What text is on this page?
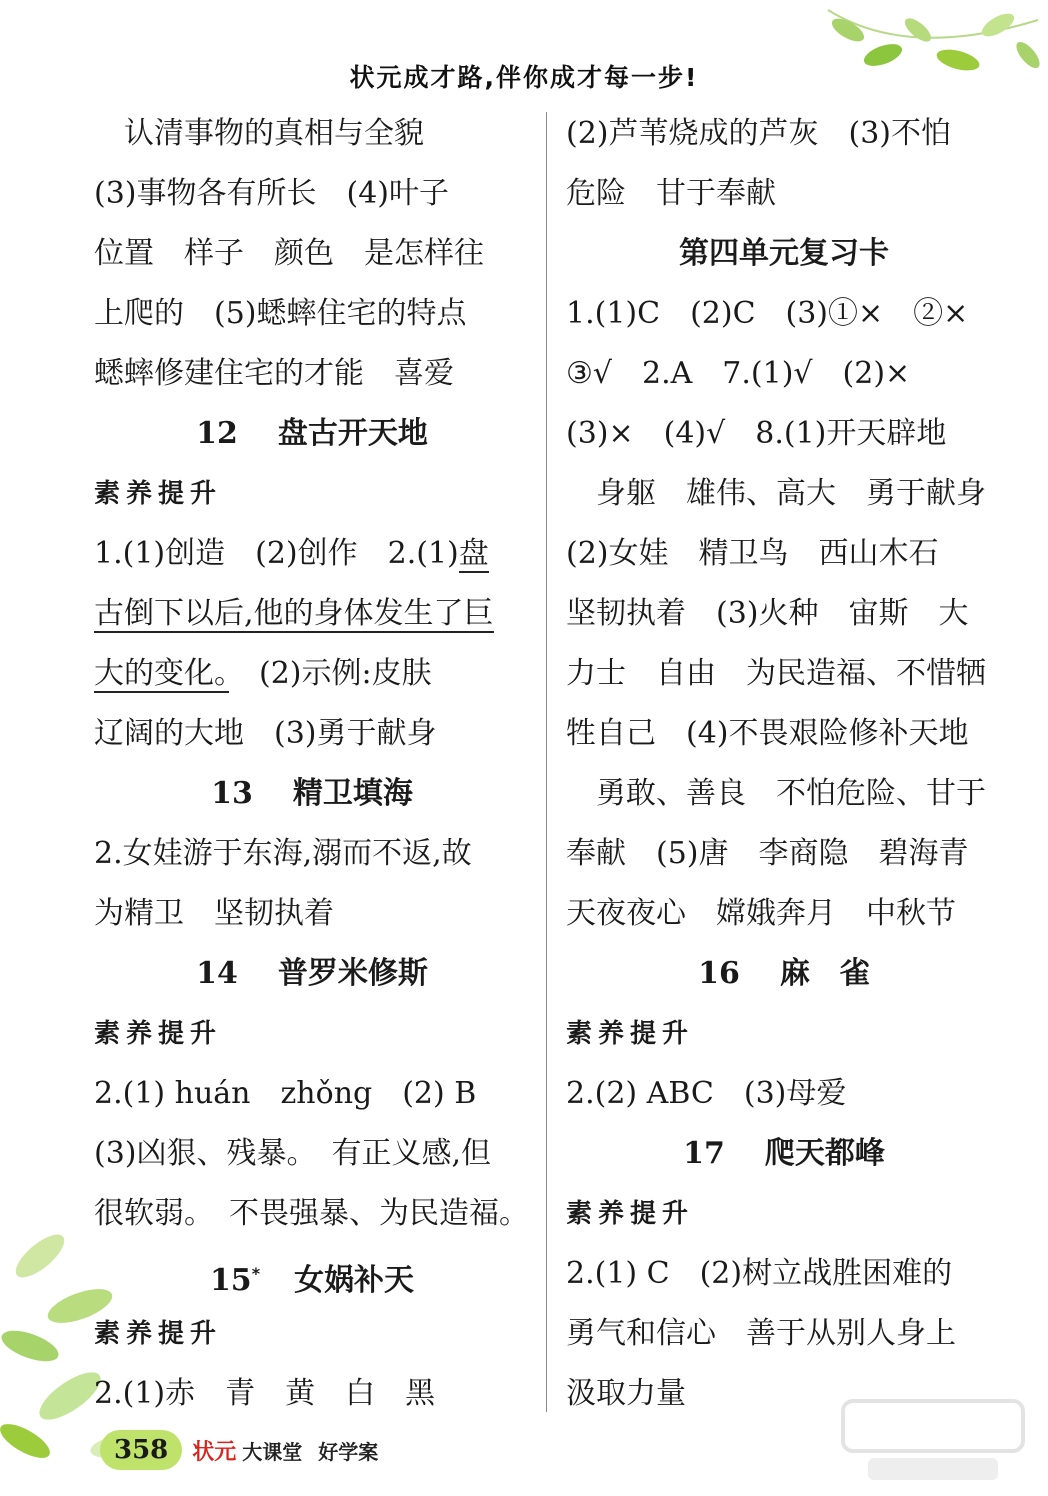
状元成才路,伴你成才每一步!
认清事物的真相与全貌
(3)事物各有所长　(4)叶子
位置　样子　颜色　是怎样往
上爬的　(5)蟋蟀住宅的特点
蟋蟀修建住宅的才能　喜爱
12 盘古开天地
素养提升
1.(1)创造　(2)创作　2.(1)盘
古倒下以后,他的身体发生了巨
大的变化。　(2)示例:皮肤
辽阔的大地　(3)勇于献身
13 精卫填海
2.女娃游于东海,溺而不返,故
为精卫　坚韧执着
14 普罗米修斯
素养提升
2.(1) huán　zhǒng　(2) B
(3)凶狠、残暴。　有正义感,但
很软弱。　不畏强暴、为民造福。
15* 女娲补天
素养提升
2.(1)赤　青　黄　白　黑
(2)芦苇烧成的芦灰　(3)不怕
危险　甘于奉献
第四单元复习卡
1.(1)C　(2)C　(3)①×　②×
③√　2.A　7.(1)√　(2)×
(3)×　(4)√　8.(1)开天辟地
身躯　雄伟、高大　勇于献身
(2)女娃　精卫鸟　西山木石
坚韧执着　(3)火种　宙斯　大
力士　自由　为民造福、不惜牺
牲自己　(4)不畏艰险修补天地
勇敢、善良　不怕危险、甘于
奉献　(5)唐　李商隐　碧海青
天夜夜心　嫦娥奔月　中秋节
16 麻　雀
素养提升
2.(2) ABC　(3)母爱
17 爬天都峰
素养提升
2.(1) C　(2)树立战胜困难的
勇气和信心　善于从别人身上
汲取力量
358	状元 大课堂 好学案
